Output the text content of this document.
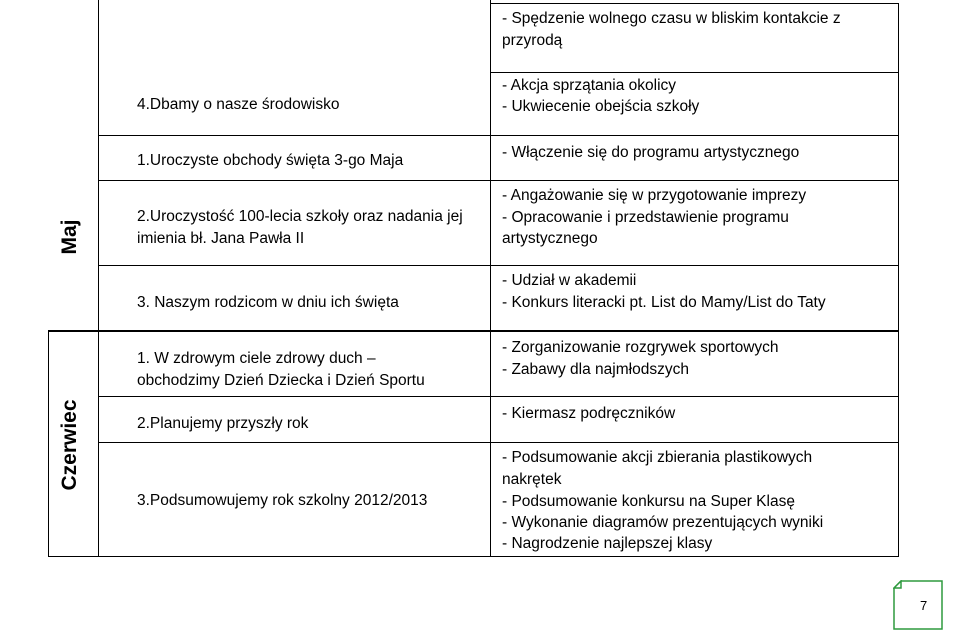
Maj
Czerwiec
- Spędzenie wolnego czasu w bliskim kontakcie z
przyrodą
4.Dbamy o nasze środowisko
- Akcja sprzątania okolicy
- Ukwiecenie obejścia szkoły
1.Uroczyste obchody święta 3-go Maja	- Włączenie się do programu artystycznego
2.Uroczystość 100-lecia szkoły oraz nadania jej
imienia bł. Jana Pawła II
- Angażowanie się w przygotowanie imprezy
- Opracowanie i przedstawienie programu
artystycznego
3. Naszym rodzicom w dniu ich święta
- Udział w akademii
- Konkurs literacki pt. List do Mamy/List do Taty
1. W zdrowym ciele zdrowy duch –
obchodzimy Dzień Dziecka i Dzień Sportu
- Zorganizowanie rozgrywek sportowych
- Zabawy dla najmłodszych
2.Planujemy przyszły rok
- Kiermasz podręczników
3.Podsumowujemy rok szkolny 2012/2013
- Podsumowanie akcji zbierania plastikowych
nakrętek
- Podsumowanie konkursu na Super Klasę
- Wykonanie diagramów prezentujących wyniki
- Nagrodzenie najlepszej klasy
7
